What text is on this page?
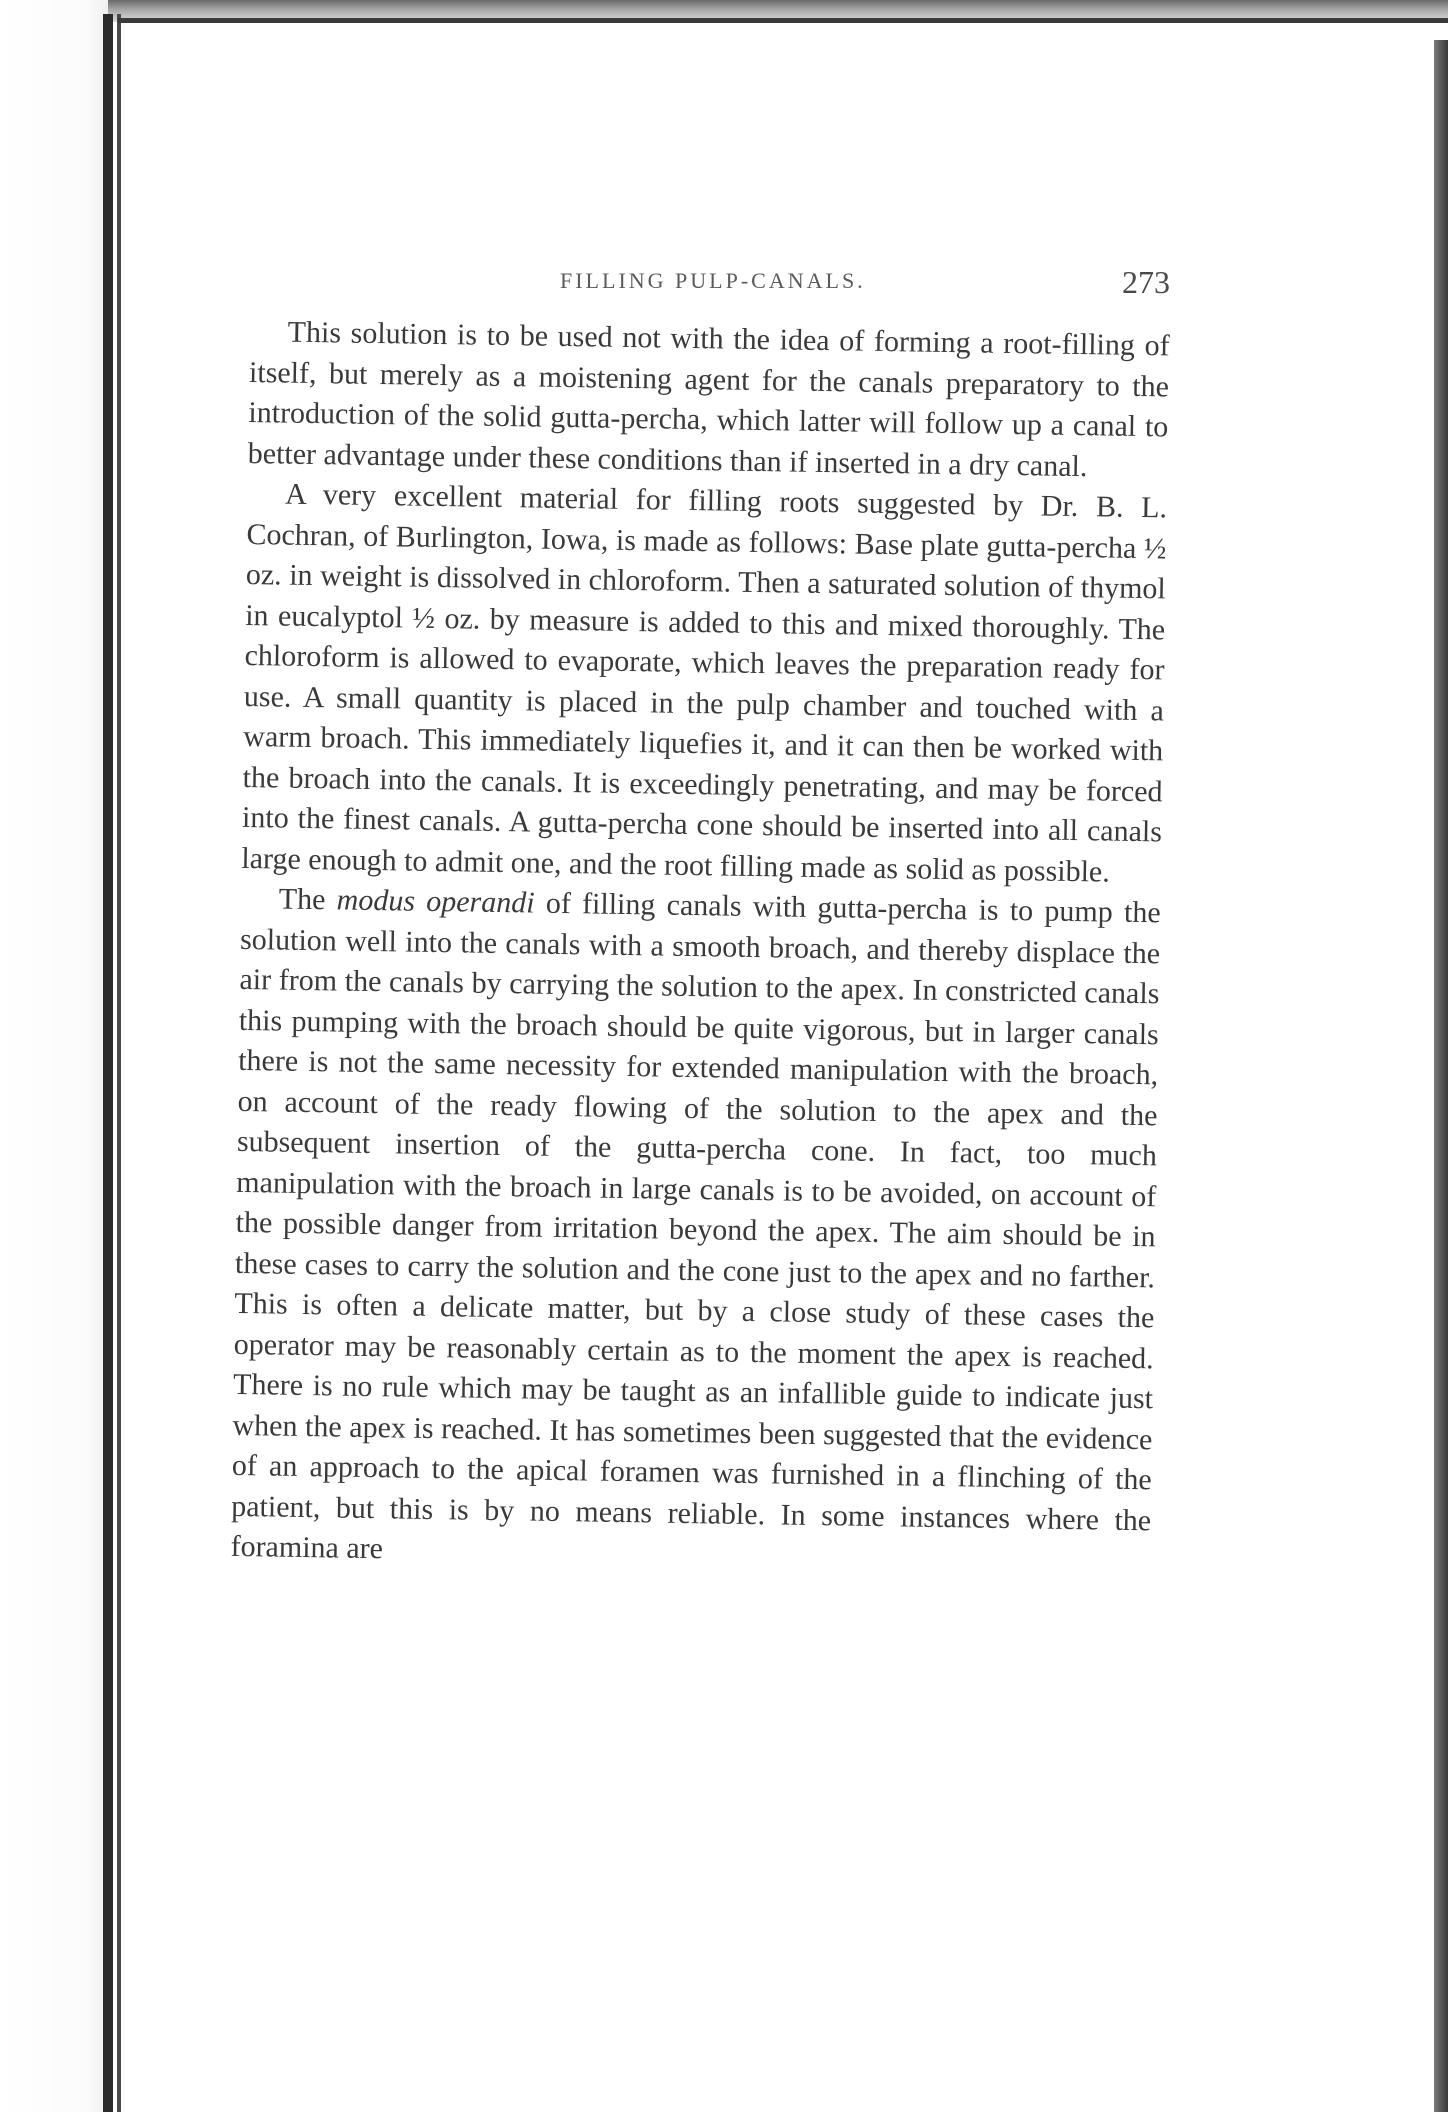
FILLING PULP-CANALS.	273

This solution is to be used not with the idea of forming a root-filling of itself, but merely as a moistening agent for the canals preparatory to the introduction of the solid gutta-percha, which latter will follow up a canal to better advantage under these conditions than if inserted in a dry canal.

A very excellent material for filling roots suggested by Dr. B. L. Cochran, of Burlington, Iowa, is made as follows: Base plate gutta-percha ½ oz. in weight is dissolved in chloroform. Then a saturated solution of thymol in eucalyptol ½ oz. by measure is added to this and mixed thoroughly. The chloroform is allowed to evaporate, which leaves the preparation ready for use. A small quantity is placed in the pulp chamber and touched with a warm broach. This immediately liquefies it, and it can then be worked with the broach into the canals. It is exceedingly penetrating, and may be forced into the finest canals. A gutta-percha cone should be inserted into all canals large enough to admit one, and the root filling made as solid as possible.

The modus operandi of filling canals with gutta-percha is to pump the solution well into the canals with a smooth broach, and thereby displace the air from the canals by carrying the solution to the apex. In constricted canals this pumping with the broach should be quite vigorous, but in larger canals there is not the same necessity for extended manipulation with the broach, on account of the ready flowing of the solution to the apex and the subsequent insertion of the gutta-percha cone. In fact, too much manipulation with the broach in large canals is to be avoided, on account of the possible danger from irritation beyond the apex. The aim should be in these cases to carry the solution and the cone just to the apex and no farther. This is often a delicate matter, but by a close study of these cases the operator may be reasonably certain as to the moment the apex is reached. There is no rule which may be taught as an infallible guide to indicate just when the apex is reached. It has sometimes been suggested that the evidence of an approach to the apical foramen was furnished in a flinching of the patient, but this is by no means reliable. In some instances where the foramina are
